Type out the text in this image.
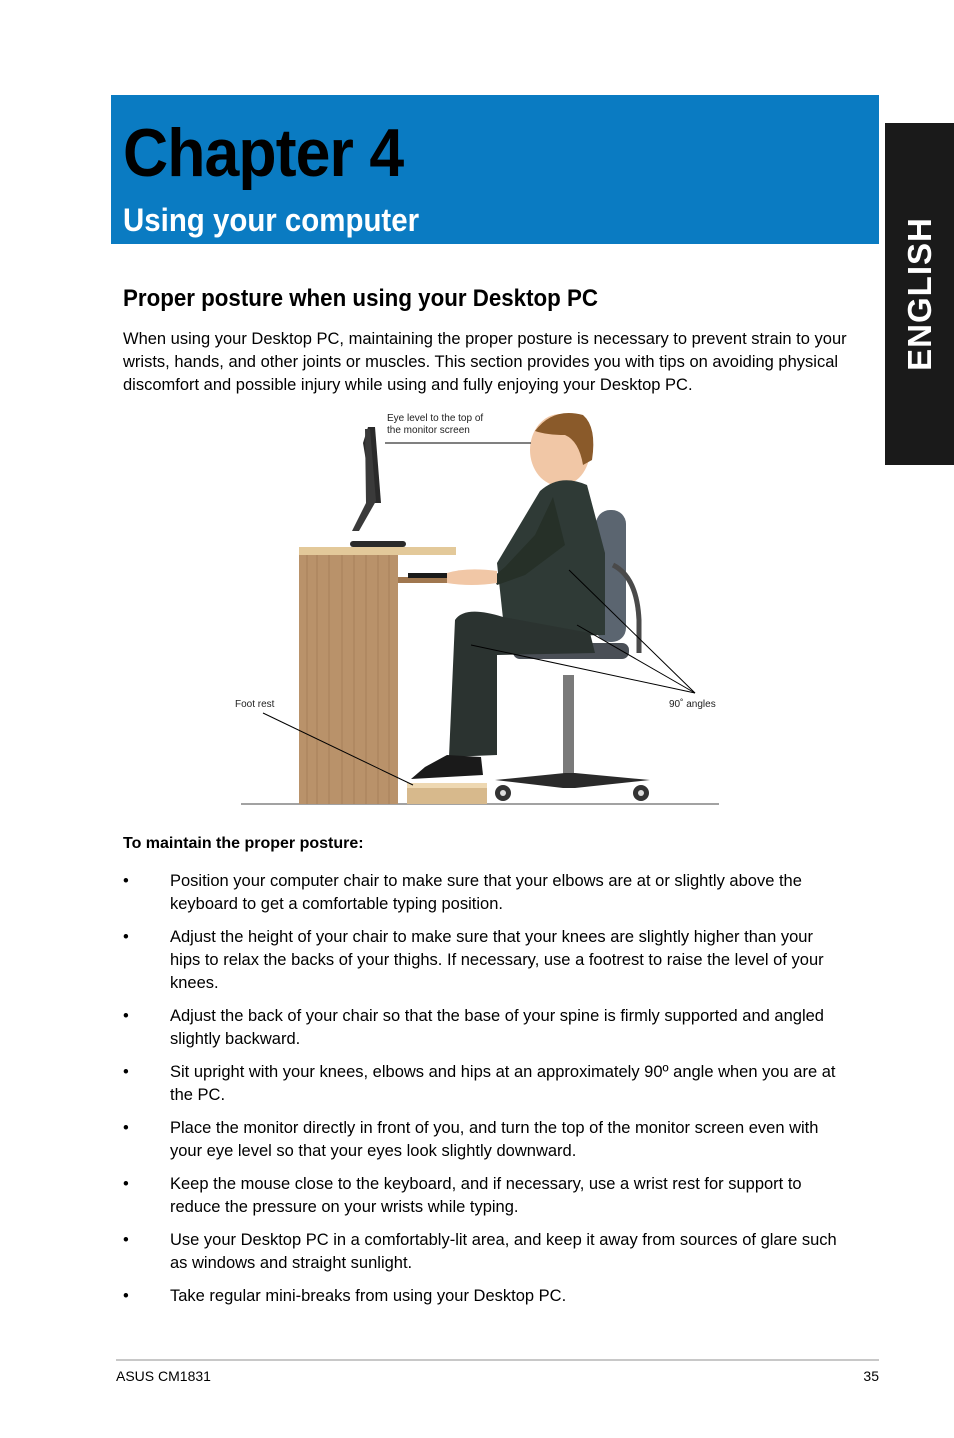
Chapter 4
Using your computer	ENGLISH
Proper posture when using your Desktop PC

When using your Desktop PC, maintaining the proper posture is necessary to prevent strain to your wrists, hands, and other joints or muscles. This section provides you with tips on avoiding physical discomfort and possible injury while using and fully enjoying your Desktop PC.

Eye level to the top of
the monitor screen
Foot rest	90˚ angles
To maintain the proper posture:
•	Position your computer chair to make sure that your elbows are at or slightly above the keyboard to get a comfortable typing position.
•	Adjust the height of your chair to make sure that your knees are slightly higher than your hips to relax the backs of your thighs. If necessary, use a footrest to raise the level of your knees.
•	Adjust the back of your chair so that the base of your spine is firmly supported and angled slightly backward.
•	Sit upright with your knees, elbows and hips at an approximately 90º angle when you are at the PC.
•	Place the monitor directly in front of you, and turn the top of the monitor screen even with your eye level so that your eyes look slightly downward.
•	Keep the mouse close to the keyboard, and if necessary, use a wrist rest for support to reduce the pressure on your wrists while typing.
•	Use your Desktop PC in a comfortably-lit area, and keep it away from sources of glare such as windows and straight sunlight.
•	Take regular mini-breaks from using your Desktop PC.
ASUS CM1831	35
